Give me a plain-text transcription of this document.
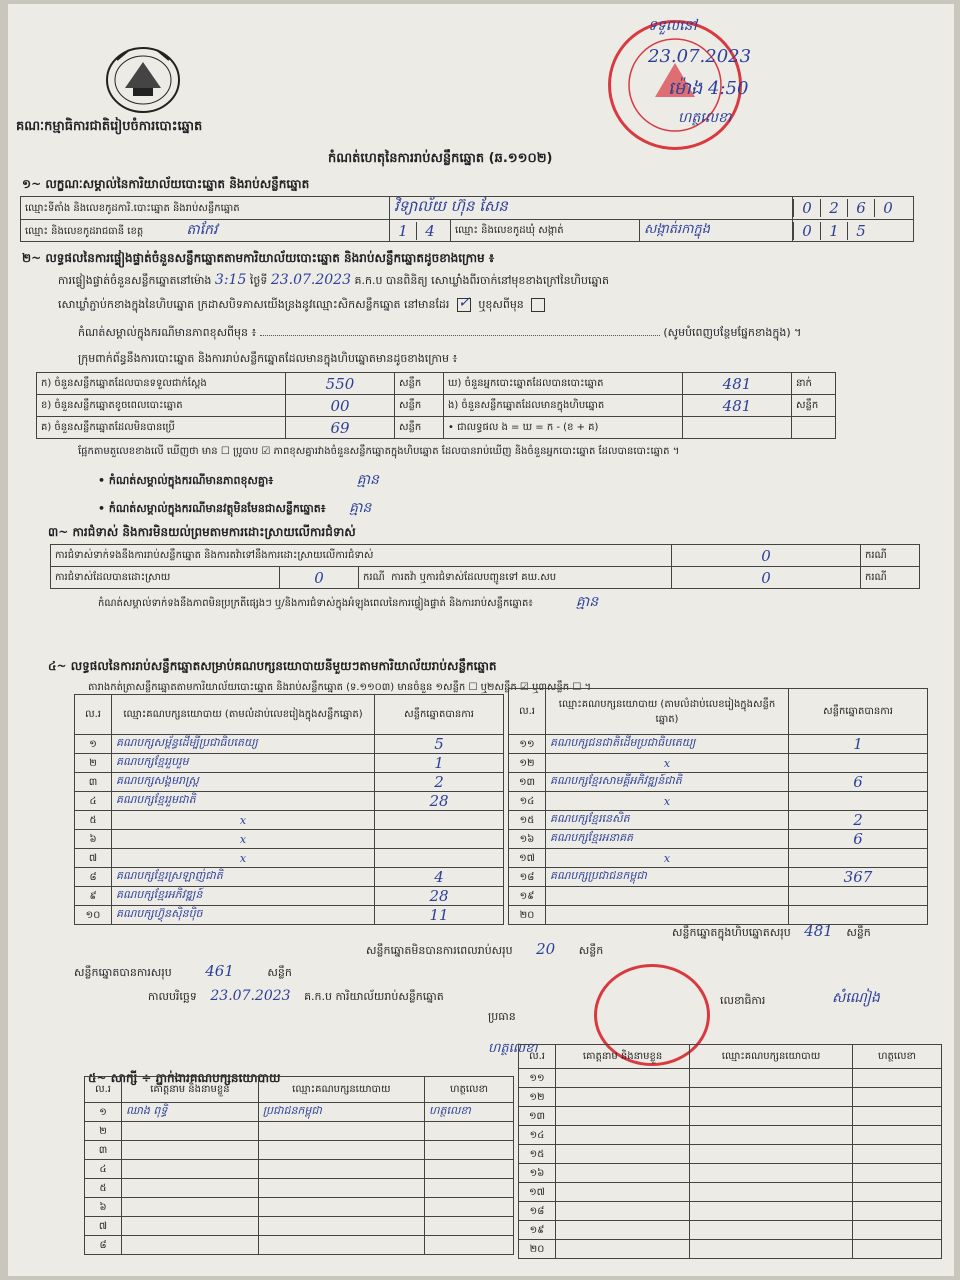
គណៈកម្មាធិការជាតិរៀបចំការបោះឆ្នោត
ទទួលនៅ
23.07.2023
ម៉ោង 4:50
ហត្ថលេខា
កំណត់ហេតុនៃការរាប់សន្លឹកឆ្នោត (ឆ.១១០២)
១~ លក្ខណៈសម្គាល់នៃការិយាល័យបោះឆ្នោត និងរាប់សន្លឹកឆ្នោត
ឈ្មោះទីតាំង និងលេខកូដការិ.បោះឆ្នោត និងរាប់សន្លឹកឆ្នោត	វិទ្យាល័យ ហ៊ុន សែន			0 2 6 0
ឈ្មោះ និងលេខកូដរាជធានី ខេត្ត តាកែវ	1 4	ឈ្មោះ និងលេខកូដឃុំ សង្កាត់	សង្កាត់រកាក្នុង	0 1 5
២~ លទ្ធផលនៃការផ្ទៀងផ្ទាត់ចំនួនសន្លឹកឆ្នោតតាមការិយាល័យបោះឆ្នោត និងរាប់សន្លឹកឆ្នោតដូចខាងក្រោម ៖
ការផ្ទៀងផ្ទាត់ចំនួនសន្លឹកឆ្នោតនៅម៉ោង 3:15 ថ្ងៃទី 23.07.2023 គ.ក.ប បានពិនិត្យ សោឃ្លាំងពីរចាក់នៅមុខខាងក្រៅនៃហិបឆ្នោត
សោឃ្លាំភ្ជាប់កខាងក្នុងនៃហិបឆ្នោត ក្រដាសបិទភាសយើងន្រងនូវឈ្មោះសិកសន្លឹកឆ្នោត នៅមានដែរ ✓ ឬខុសពីមុន
កំណត់សម្គាល់ក្នុងករណីមានភាពខុសពីមុន ៖	(សូមបំពេញបន្ថែមផ្នែកខាងក្នុង) ។
ក្រុមពាក់ព័ន្ធនឹងការបោះឆ្នោត និងការរាប់សន្លឹកឆ្នោតដែលមានក្នុងហិបឆ្នោតមានដូចខាងក្រោម ៖
ក) ចំនួនសន្លឹកឆ្នោតដែលបានទទួលជាក់ស្តែង	550	សន្លឹក	ឃ) ចំនួនអ្នកបោះឆ្នោតដែលបានបោះឆ្នោត	481	នាក់
ខ) ចំនួនសន្លឹកឆ្នោតខូចពេលបោះឆ្នោត	00	សន្លឹក	ង) ចំនួនសន្លឹកឆ្នោតដែលមានក្នុងហិបឆ្នោត	481	សន្លឹក
គ) ចំនួនសន្លឹកឆ្នោតដែលមិនបានប្រើ	69	សន្លឹក	• ជាលទ្ធផល ង = ឃ = ក - (ខ + គ)		
ផ្អែកតាមតួលេខខាងលើ ឃើញថា មាន ☐ ប្រូបាប ☑ ភាពខុសគ្នារវាងចំនួនសន្លឹកឆ្នោតក្នុងហិបឆ្នោត ដែលបានរាប់ឃើញ និងចំនួនអ្នកបោះឆ្នោត ដែលបានបោះឆ្នោត ។
• កំណត់សម្គាល់ក្នុងករណីមានភាពខុសគ្នា៖	គ្មាន
• កំណត់សម្គាល់ក្នុងករណីមានវត្ថុមិនមែនជាសន្លឹកឆ្នោត៖ គ្មាន
៣~ ការជំទាស់ និងការមិនយល់ព្រមតាមការដោះស្រាយលើការជំទាស់
ការជំទាស់ទាក់ទងនឹងការរាប់សន្លឹកឆ្នោត និងការតវ៉ាទៅនឹងការដោះស្រាយលើការជំទាស់			0	ករណី
ការជំទាស់ដែលបានដោះស្រាយ	0	ករណី ការតវ៉ា ឬការជំទាស់ដែលបញ្ជូនទៅ គឃ.សប	0	ករណី
កំណត់សម្គាល់ទាក់ទងនឹងភាពមិនប្រក្រតីផ្សេងៗ ឬ/និងការជំទាស់ក្នុងអំឡុងពេលនៃការផ្ទៀងផ្ទាត់ និងការរាប់សន្លឹកឆ្នោត៖	គ្មាន
៤~ លទ្ធផលនៃការរាប់សន្លឹកឆ្នោតសម្រាប់គណបក្សនយោបាយនីមួយៗតាមការិយាល័យរាប់សន្លឹកឆ្នោត
តារាងកត់ត្រាសន្លឹកឆ្នោតតាមការិយាល័យបោះឆ្នោត និងរាប់សន្លឹកឆ្នោត (ទ.១១០៣) មានចំនួន ១សន្លឹក ☐ ឬ២សន្លឹក ☑ ឬ៣សន្លឹក ☐ ។
ល.រ	ឈ្មោះគណបក្សនយោបាយ (តាមលំដាប់លេខរៀងក្នុងសន្លឹកឆ្នោត)	សន្លឹកឆ្នោតបានការ
១	គណបក្សសម្ព័ន្ធដើម្បីប្រជាធិបតេយ្យ	5
២	គណបក្សខ្មែររួបរួម	1
៣	គណបក្សសង្គមរាស្ត្រ	2
៤	គណបក្សខ្មែររួមជាតិ	28
៥	x	
៦	x	
៧	x	
៨	គណបក្សខ្មែរស្រឡាញ់ជាតិ	4
៩	គណបក្សខ្មែរអភិវឌ្ឍន៍	28
១០	គណបក្សហ៊្វុនស៊ិនប៉ិច	11
ល.រ	ឈ្មោះគណបក្សនយោបាយ (តាមលំដាប់លេខរៀងក្នុងសន្លឹកឆ្នោត)	សន្លឹកឆ្នោតបានការ
១១	គណបក្សជនជាតិដើមប្រជាធិបតេយ្យ	1
១២	x	
១៣	គណបក្សខ្មែរសាមគ្គីអភិវឌ្ឍន៍ជាតិ	6
១៤	x	
១៥	គណបក្សខ្មែរនេសិត	2
១៦	គណបក្សខ្មែរអនាគត	6
១៧	x	
១៨	គណបក្សប្រជាជនកម្ពុជា	367
១៩		
២០		
សន្លឹកឆ្នោតបានការសរុប 461	សន្លឹក
សន្លឹកឆ្នោតមិនបានការពេលរាប់សរុប 20 សន្លឹក
សន្លឹកឆ្នោតក្នុងហិបឆ្នោតសរុប 481 សន្លឹក
កាលបរិច្ឆេទ 23.07.2023 គ.ក.ប ការិយាល័យរាប់សន្លឹកឆ្នោត
ប្រធាន
លេខាធិការ	សំណៀង
ហត្ថលេខា
៥~ សាក្សី ÷ ភ្នាក់ងារគណបក្សនយោបាយ
ល.រ	គោត្តនាម និងនាមខ្លួន	ឈ្មោះគណបក្សនយោបាយ	ហត្ថលេខា
១	ឈាង ពុទ្ធិ	ប្រជាជនកម្ពុជា	ហត្ថលេខា
២			
៣			
៤			
៥			
៦			
៧			
៨			
ល.រ	គោត្តនាម និងនាមខ្លួន	ឈ្មោះគណបក្សនយោបាយ	ហត្ថលេខា
១១			
១២			
១៣			
១៤			
១៥			
១៦			
១៧			
១៨			
១៩			
២០			
